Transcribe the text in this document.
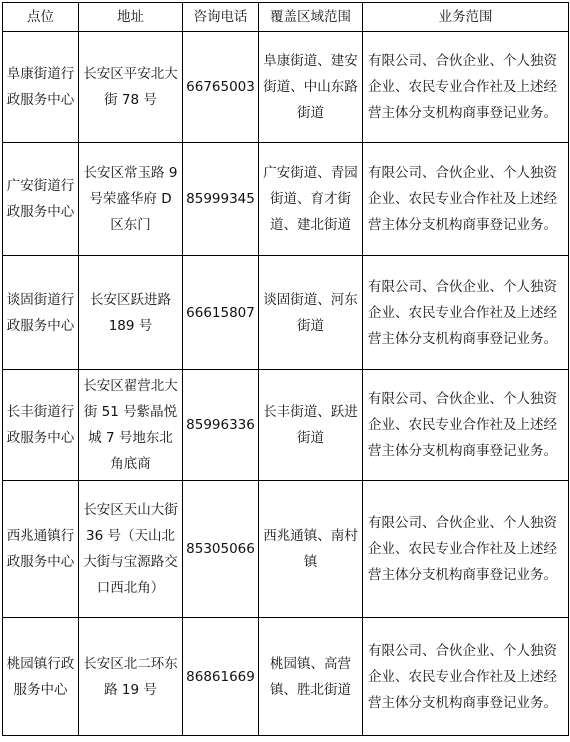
点位	地址	咨询电话	覆盖区域范围	业务范围
阜康街道行政服务中心	长安区平安北大街 78 号	66765003	阜康街道、建安街道、中山东路街道	有限公司、合伙企业、个人独资企业、农民专业合作社及上述经营主体分支机构商事登记业务。
广安街道行政服务中心	长安区常玉路 9 号荣盛华府 D 区东门	85999345	广安街道、青园街道、育才街道、建北街道	有限公司、合伙企业、个人独资企业、农民专业合作社及上述经营主体分支机构商事登记业务。
谈固街道行政服务中心	长安区跃进路 189 号	66615807	谈固街道、河东街道	有限公司、合伙企业、个人独资企业、农民专业合作社及上述经营主体分支机构商事登记业务。
长丰街道行政服务中心	长安区翟营北大街 51 号紫晶悦城 7 号地东北角底商	85996336	长丰街道、跃进街道	有限公司、合伙企业、个人独资企业、农民专业合作社及上述经营主体分支机构商事登记业务。
西兆通镇行政服务中心	长安区天山大街 36 号（天山北大街与宝源路交口西北角）	85305066	西兆通镇、南村镇	有限公司、合伙企业、个人独资企业、农民专业合作社及上述经营主体分支机构商事登记业务。
桃园镇行政服务中心	长安区北二环东路 19 号	86861669	桃园镇、高营镇、胜北街道	有限公司、合伙企业、个人独资企业、农民专业合作社及上述经营主体分支机构商事登记业务。
